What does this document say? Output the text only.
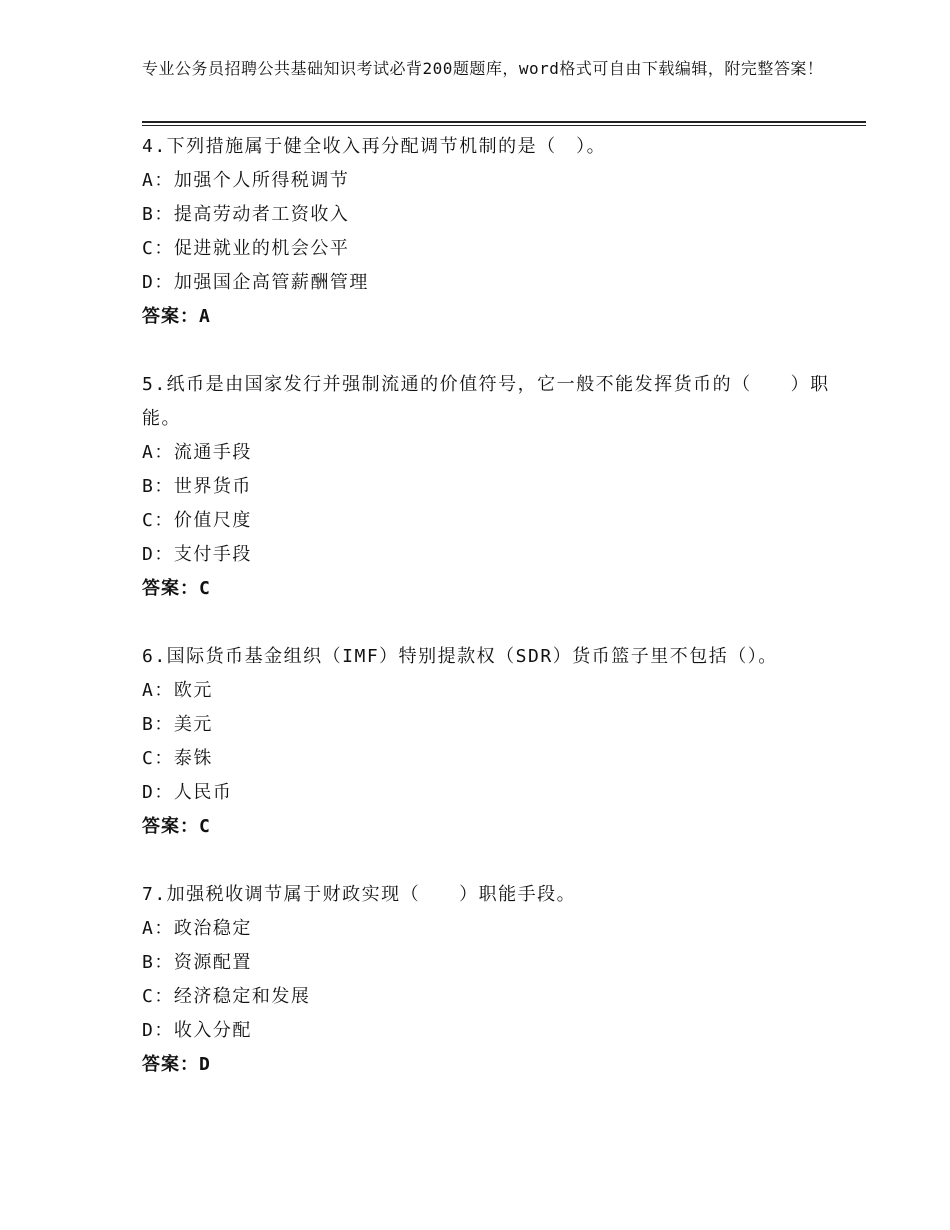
专业公务员招聘公共基础知识考试必背200题题库，word格式可自由下载编辑，附完整答案！

4.下列措施属于健全收入再分配调节机制的是（　）。

A：加强个人所得税调节

B：提高劳动者工资收入

C：促进就业的机会公平

D：加强国企高管薪酬管理

答案：A

5.纸币是由国家发行并强制流通的价值符号，它一般不能发挥货币的（　　）职能。

A：流通手段

B：世界货币

C：价值尺度

D：支付手段

答案：C

6.国际货币基金组织（IMF）特别提款权（SDR）货币篮子里不包括（）。

A：欧元

B：美元

C：泰铢

D：人民币

答案：C

7.加强税收调节属于财政实现（　　）职能手段。

A：政治稳定

B：资源配置

C：经济稳定和发展

D：收入分配

答案：D
